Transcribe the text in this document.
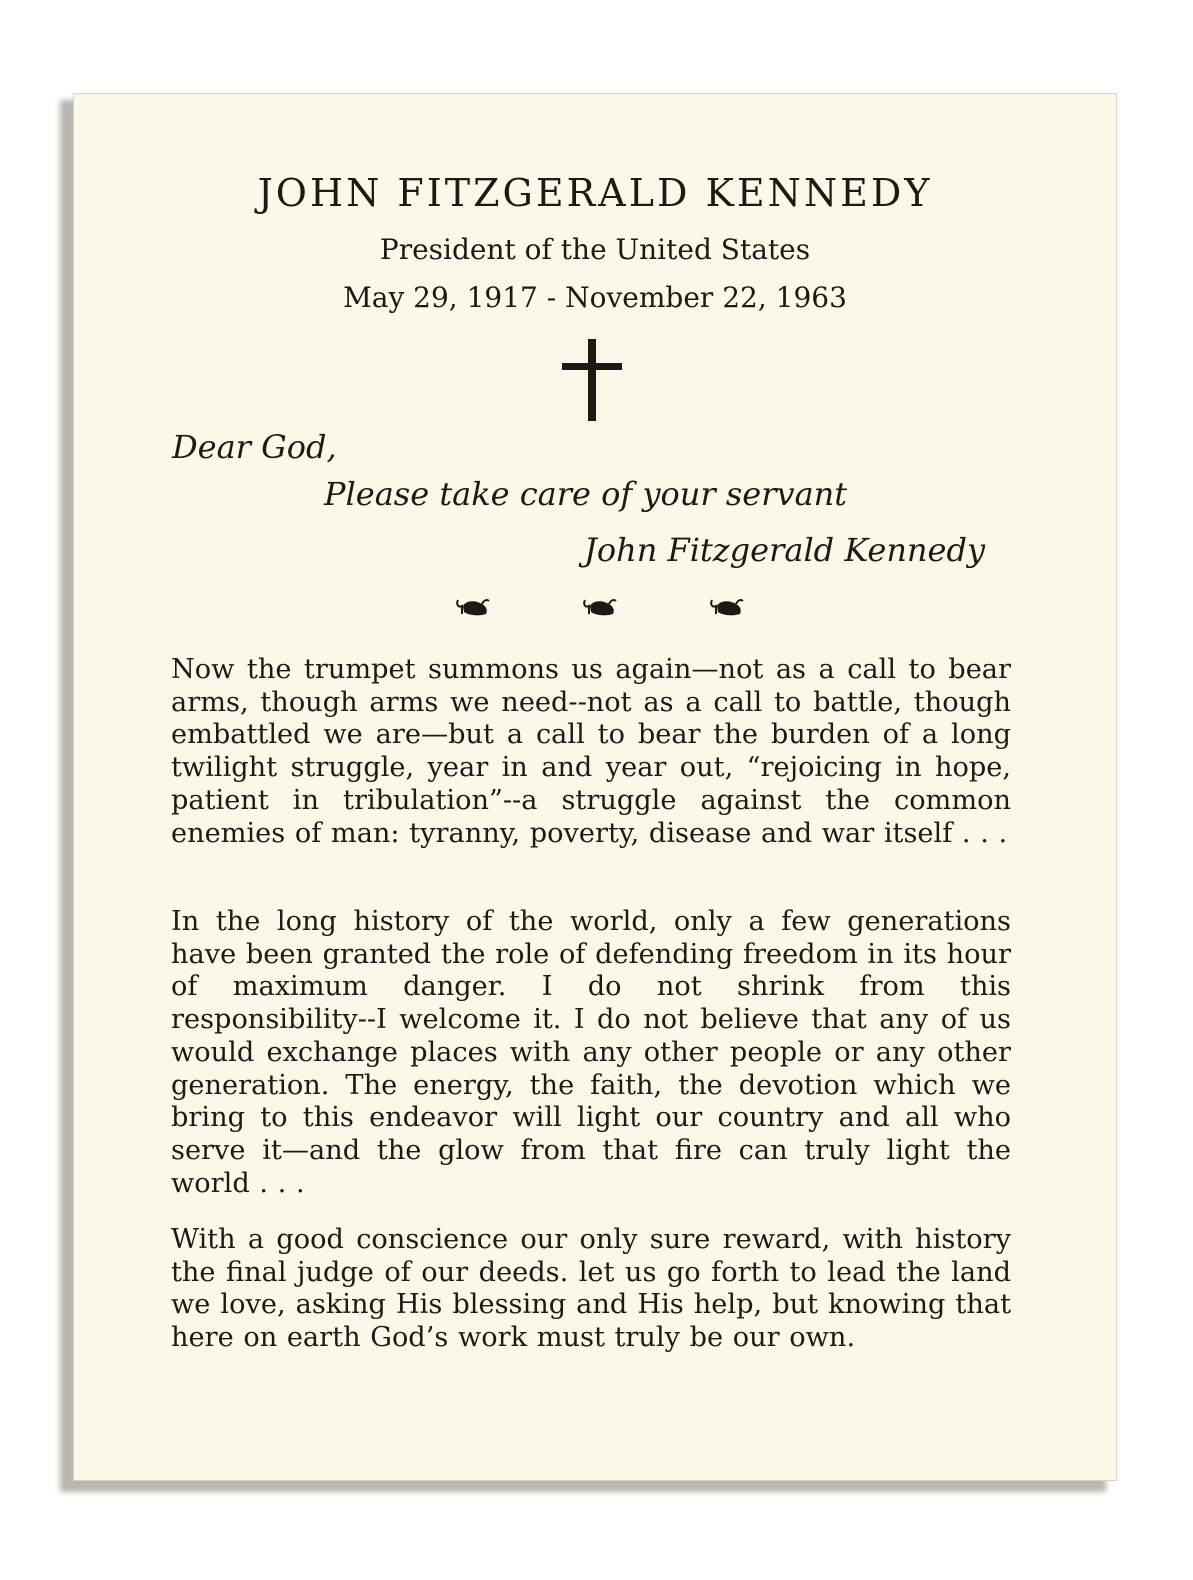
JOHN FITZGERALD KENNEDY
President of the United States
May 29, 1917 - November 22, 1963
Dear God,
Please take care of your servant
John Fitzgerald Kennedy

Now the trumpet summons us again—not as a call to bear arms, though arms we need--not as a call to battle, though embattled we are—but a call to bear the burden of a long twilight struggle, year in and year out, “rejoicing in hope, patient in tribulation”--a struggle against the common enemies of man: tyranny, poverty, disease and war itself . . .

In the long history of the world, only a few generations have been granted the role of defending freedom in its hour of maximum danger. I do not shrink from this responsibility--I welcome it. I do not believe that any of us would exchange places with any other people or any other generation. The energy, the faith, the devotion which we bring to this endeavor will light our country and all who serve it—and the glow from that fire can truly light the world . . .

With a good conscience our only sure reward, with history the final judge of our deeds. let us go forth to lead the land we love, asking His blessing and His help, but knowing that here on earth God’s work must truly be our own.
